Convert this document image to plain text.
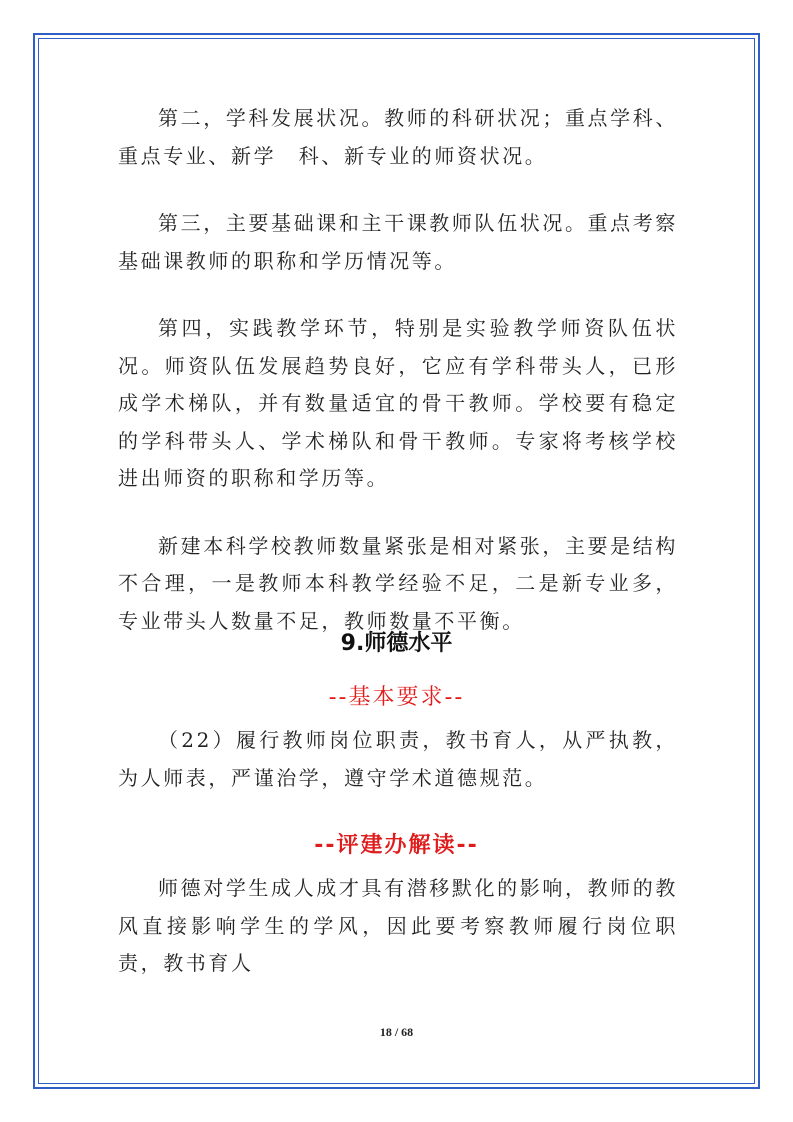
第二，学科发展状况。教师的科研状况；重点学科、重点专业、新学　科、新专业的师资状况。

第三，主要基础课和主干课教师队伍状况。重点考察基础课教师的职称和学历情况等。

第四，实践教学环节，特别是实验教学师资队伍状况。师资队伍发展趋势良好，它应有学科带头人，已形成学术梯队，并有数量适宜的骨干教师。学校要有稳定的学科带头人、学术梯队和骨干教师。专家将考核学校进出师资的职称和学历等。

新建本科学校教师数量紧张是相对紧张，主要是结构不合理，一是教师本科教学经验不足，二是新专业多，专业带头人数量不足，教师数量不平衡。

9.师德水平
--基本要求--

（22）履行教师岗位职责，教书育人，从严执教，为人师表，严谨治学，遵守学术道德规范。

--评建办解读--

师德对学生成人成才具有潜移默化的影响，教师的教风直接影响学生的学风，因此要考察教师履行岗位职责，教书育人

18 / 68
